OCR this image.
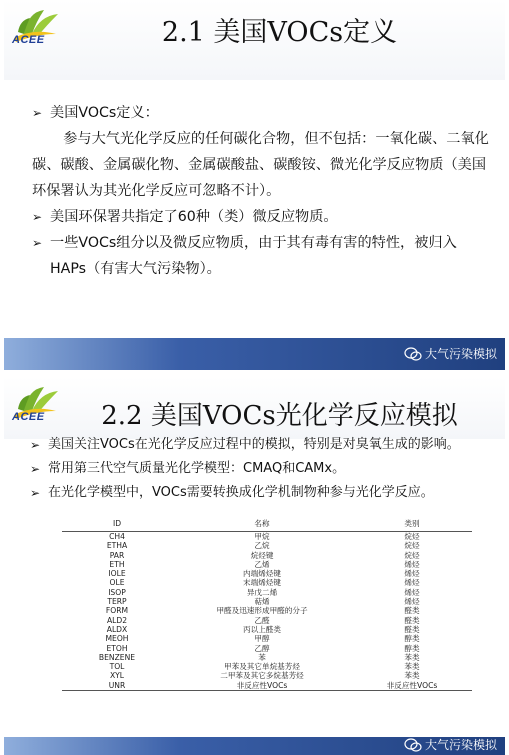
ACEE	2.1 美国VOCs定义
➢ 美国VOCs定义：
参与大气光化学反应的任何碳化合物，但不包括：一氧化碳、二氧化碳、碳酸、金属碳化物、金属碳酸盐、碳酸铵、微光化学反应物质（美国环保署认为其光化学反应可忽略不计）。
➢ 美国环保署共指定了60种（类）微反应物质。
➢ 一些VOCs组分以及微反应物质，由于其有毒有害的特性，被归入HAPs（有害大气污染物）。
大气污染模拟
ACEE	2.2 美国VOCs光化学反应模拟
➢ 美国关注VOCs在光化学反应过程中的模拟，特别是对臭氧生成的影响。
➢ 常用第三代空气质量光化学模型：CMAQ和CAMx。
➢ 在光化学模型中，VOCs需要转换成化学机制物种参与光化学反应。
ID	名称	类别
CH4	甲烷	烷烃
ETHA	乙烷	烷烃
PAR	烷烃键	烷烃
ETH	乙烯	烯烃
IOLE	内端烯烃键	烯烃
OLE	末端烯烃键	烯烃
ISOP	异戊二烯	烯烃
TERP	萜烯	烯烃
FORM	甲醛及迅速形成甲醛的分子	醛类
ALD2	乙醛	醛类
ALDX	丙以上醛类	醛类
MEOH	甲醇	醇类
ETOH	乙醇	醇类
BENZENE	苯	苯类
TOL	甲苯及其它单烷基芳烃	苯类
XYL	二甲苯及其它多烷基芳烃	苯类
UNR	非反应性VOCs	非反应性VOCs
大气污染模拟
